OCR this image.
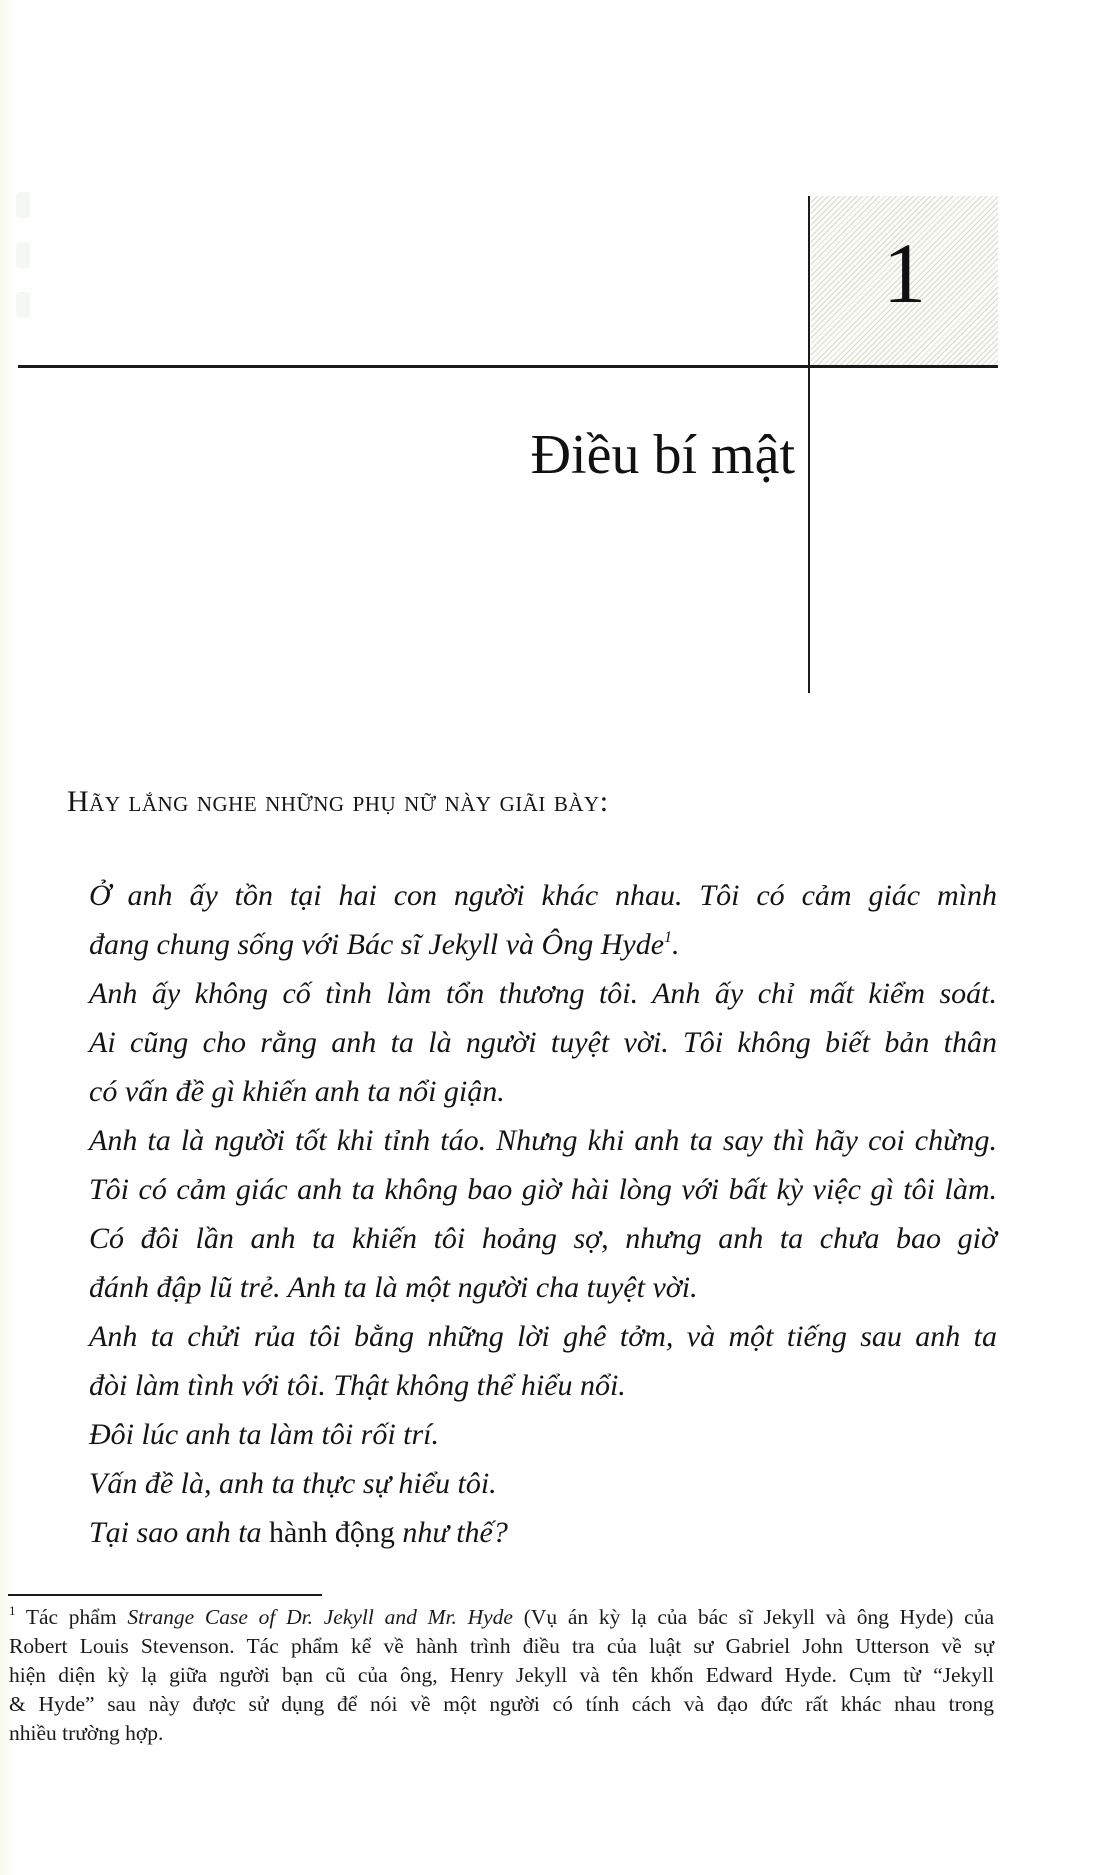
1
Điều bí mật
Hãy lắng nghe những phụ nữ này giãi bày:
Ở anh ấy tồn tại hai con người khác nhau. Tôi có cảm giác mình
đang chung sống với Bác sĩ Jekyll và Ông Hyde$^1$.
Anh ấy không cố tình làm tổn thương tôi. Anh ấy chỉ mất kiểm soát.
Ai cũng cho rằng anh ta là người tuyệt vời. Tôi không biết bản thân
có vấn đề gì khiến anh ta nổi giận.
Anh ta là người tốt khi tỉnh táo. Nhưng khi anh ta say thì hãy coi chừng.
Tôi có cảm giác anh ta không bao giờ hài lòng với bất kỳ việc gì tôi làm.
Có đôi lần anh ta khiến tôi hoảng sợ, nhưng anh ta chưa bao giờ
đánh đập lũ trẻ. Anh ta là một người cha tuyệt vời.
Anh ta chửi rủa tôi bằng những lời ghê tởm, và một tiếng sau anh ta
đòi làm tình với tôi. Thật không thể hiểu nổi.
Đôi lúc anh ta làm tôi rối trí.
Vấn đề là, anh ta thực sự hiểu tôi.
Tại sao anh ta hành động như thế?
$^1$ Tác phẩm Strange Case of Dr. Jekyll and Mr. Hyde (Vụ án kỳ lạ của bác sĩ Jekyll và ông Hyde) của
Robert Louis Stevenson. Tác phẩm kể về hành trình điều tra của luật sư Gabriel John Utterson về sự
hiện diện kỳ lạ giữa người bạn cũ của ông, Henry Jekyll và tên khốn Edward Hyde. Cụm từ “Jekyll
& Hyde” sau này được sử dụng để nói về một người có tính cách và đạo đức rất khác nhau trong
nhiều trường hợp.
